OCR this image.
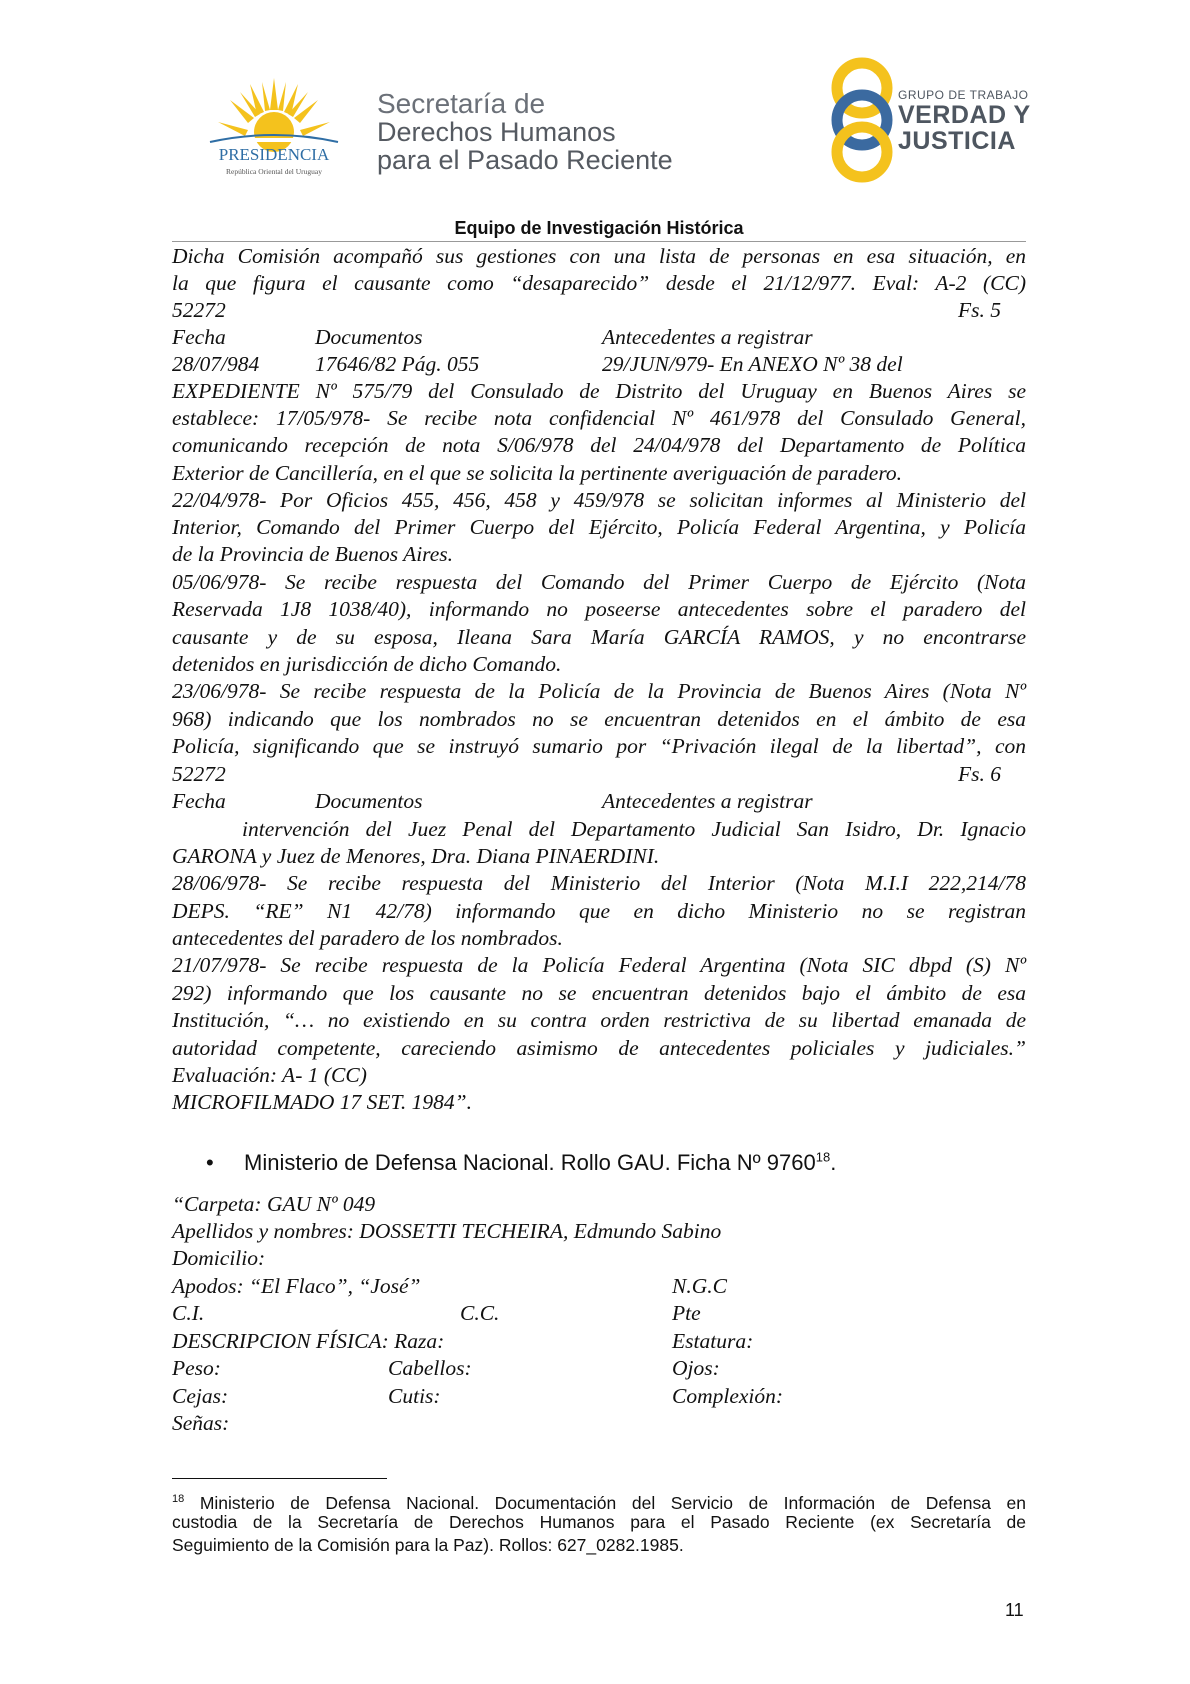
PRESIDENCIA
República Oriental del Uruguay
Secretaría de
Derechos Humanos
para el Pasado Reciente
GRUPO DE TRABAJO
VERDAD Y
JUSTICIA
Equipo de Investigación Histórica
Dicha Comisión acompañó sus gestiones con una lista de personas en esa situación, en
la que figura el causante como “desaparecido” desde el 21/12/977. Eval: A-2 (CC)
52272	Fs. 5
Fecha	Documentos	Antecedentes a registrar
28/07/984	17646/82 Pág. 055	29/JUN/979- En ANEXO Nº 38 del
EXPEDIENTE Nº 575/79 del Consulado de Distrito del Uruguay en Buenos Aires se
establece: 17/05/978- Se recibe nota confidencial Nº 461/978 del Consulado General,
comunicando recepción de nota S/06/978 del 24/04/978 del Departamento de Política
Exterior de Cancillería, en el que se solicita la pertinente averiguación de paradero.
22/04/978- Por Oficios 455, 456, 458 y 459/978 se solicitan informes al Ministerio del
Interior, Comando del Primer Cuerpo del Ejército, Policía Federal Argentina, y Policía
de la Provincia de Buenos Aires.
05/06/978- Se recibe respuesta del Comando del Primer Cuerpo de Ejército (Nota
Reservada 1J8 1038/40), informando no poseerse antecedentes sobre el paradero del
causante y de su esposa, Ileana Sara María GARCÍA RAMOS, y no encontrarse
detenidos en jurisdicción de dicho Comando.
23/06/978- Se recibe respuesta de la Policía de la Provincia de Buenos Aires (Nota Nº
968) indicando que los nombrados no se encuentran detenidos en el ámbito de esa
Policía, significando que se instruyó sumario por “Privación ilegal de la libertad”, con
52272	Fs. 6
Fecha	Documentos	Antecedentes a registrar
intervención del Juez Penal del Departamento Judicial San Isidro, Dr. Ignacio
GARONA y Juez de Menores, Dra. Diana PINAERDINI.
28/06/978- Se recibe respuesta del Ministerio del Interior (Nota M.I.I 222,214/78
DEPS. “RE” N1 42/78) informando que en dicho Ministerio no se registran
antecedentes del paradero de los nombrados.
21/07/978- Se recibe respuesta de la Policía Federal Argentina (Nota SIC dbpd (S) Nº
292) informando que los causante no se encuentran detenidos bajo el ámbito de esa
Institución, “… no existiendo en su contra orden restrictiva de su libertad emanada de
autoridad competente, careciendo asimismo de antecedentes policiales y judiciales.”
Evaluación: A- 1 (CC)
MICROFILMADO 17 SET. 1984”.
• Ministerio de Defensa Nacional. Rollo GAU. Ficha Nº 9760$^{18}$.
“Carpeta: GAU Nº 049
Apellidos y nombres: DOSSETTI TECHEIRA, Edmundo Sabino
Domicilio:
Apodos: “El Flaco”, “José”	N.G.C
C.I.	C.C.	Pte
DESCRIPCION FÍSICA: Raza:	Estatura:
Peso:	Cabellos:	Ojos:
Cejas:	Cutis:	Complexión:
Señas:
$^{18}$ Ministerio de Defensa Nacional. Documentación del Servicio de Información de Defensa en
custodia de la Secretaría de Derechos Humanos para el Pasado Reciente (ex Secretaría de
Seguimiento de la Comisión para la Paz). Rollos: 627_0282.1985.
11
